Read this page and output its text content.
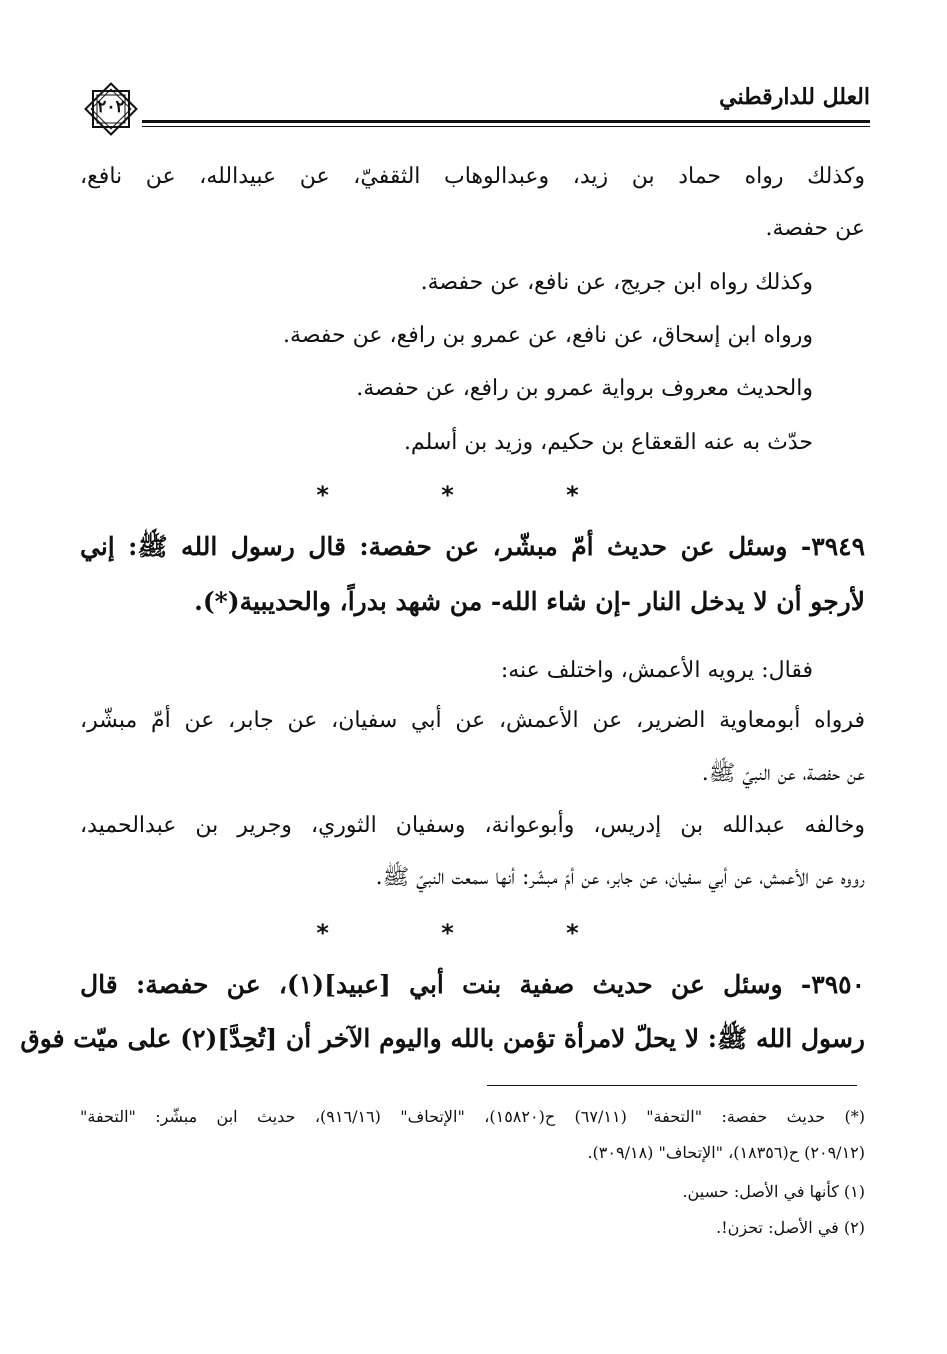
٢٠٢	العلل للدارقطني
وكذلك رواه حماد بن زيد، وعبدالوهاب الثقفيّ، عن عبيدالله، عن نافع،
عن حفصة.
وكذلك رواه ابن جريج، عن نافع، عن حفصة.
ورواه ابن إسحاق، عن نافع، عن عمرو بن رافع، عن حفصة.
والحديث معروف برواية عمرو بن رافع، عن حفصة.
حدّث به عنه القعقاع بن حكيم، وزيد بن أسلم.
٣٩٤٩- وسئل عن حديث أمّ مبشّر، عن حفصة: قال رسول الله ﷺ: إني
لأرجو أن لا يدخل النار -إن شاء الله- من شهد بدراً، والحديبية(*).
فقال: يرويه الأعمش، واختلف عنه:
فرواه أبومعاوية الضرير، عن الأعمش، عن أبي سفيان، عن جابر، عن أمّ مبشّر،
عن حفصة، عن النبيّ ﷺ.
وخالفه عبدالله بن إدريس، وأبوعوانة، وسفيان الثوري، وجرير بن عبدالحميد،
رووه عن الأعمش، عن أبي سفيان، عن جابر، عن أمّ مبشّر: أنها سمعت النبيّ ﷺ.
٣٩٥٠- وسئل عن حديث صفية بنت أبي [عبيد](١)، عن حفصة: قال
رسول الله ﷺ: لا يحلّ لامرأة تؤمن بالله واليوم الآخر أن [تُحِدَّ](٢) على ميّت فوق
* * *
* * *
(*) حديث حفصة: "التحفة" (٦٧/١١) ح(١٥٨٢٠)، "الإتحاف" (٩١٦/١٦)، حديث ابن مبشّر: "التحفة"
(٢٠٩/١٢) ح(١٨٣٥٦)، "الإتحاف" (٣٠٩/١٨).
(١) كأنها في الأصل: حسين.
(٢) في الأصل: تحزن!.
